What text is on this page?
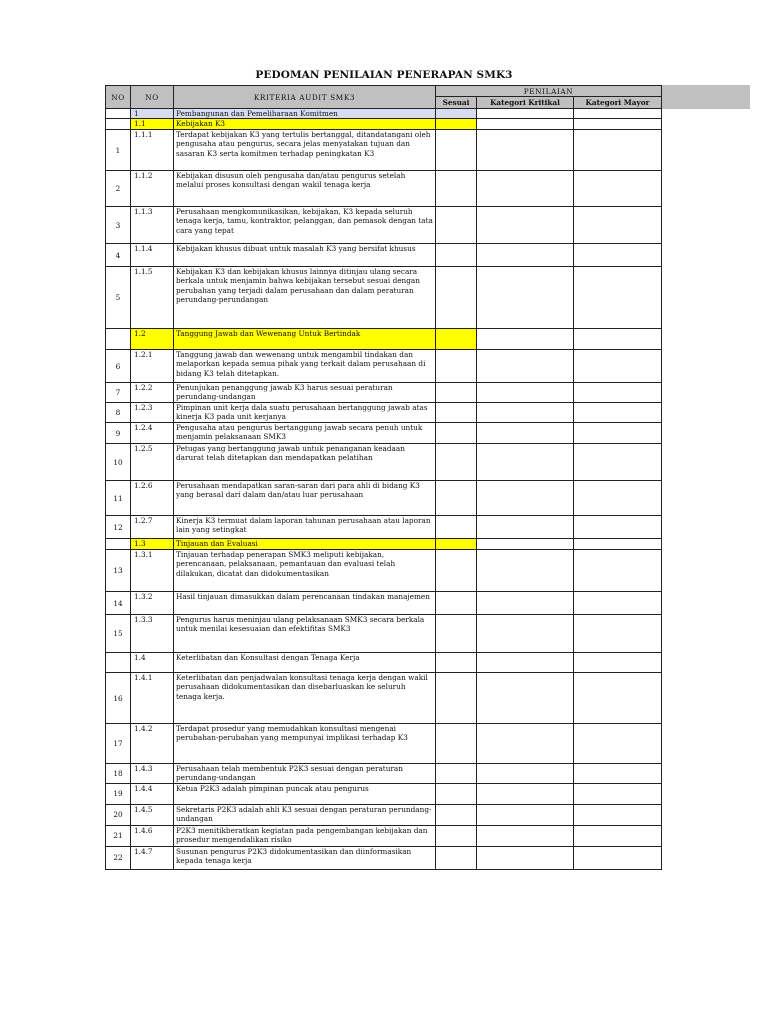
PEDOMAN PENILAIAN PENERAPAN SMK3
NO	NO	KRITERIA AUDIT SMK3	PENILAIAN		
			Sesuai	Kategori Kritikal	Kategori Mayor
	1	Pembangunan dan Pemeliharaan Komitmen			
	1.1	Kebijakan K3			
1	1.1.1	Terdapat kebijakan K3 yang tertulis bertanggal, ditandatangani oleh pengusaha atau pengurus, secara jelas menyatakan tujuan dan sasaran K3 serta komitmen terhadap peningkatan K3			
2	1.1.2	Kebijakan disusun oleh pengusaha dan/atau pengurus setelah melalui proses konsultasi dengan wakil tenaga kerja			
3	1.1.3	Perusahaan mengkomunikasikan, kebijakan, K3 kepada seluruh tenaga kerja, tamu, kontraktor, pelanggan, dan pemasok dengan tata cara yang tepat			
4	1.1.4	Kebijakan khusus dibuat untuk masalah K3 yang bersifat khusus			
5	1.1.5	Kebijakan K3 dan kebijakan khusus lainnya ditinjau ulang secara berkala untuk menjamin bahwa kebijakan tersebut sesuai dengan perubahan yang terjadi dalam perusahaan dan dalam peraturan perundang-perundangan			
	1.2	Tanggung Jawab dan Wewenang Untuk Bertindak			
6	1.2.1	Tanggung jawab dan wewenang untuk mengambil tindakan dan melaporkan kepada semua pihak yang terkait dalam perusahaan di bidang K3 telah ditetapkan.			
7	1.2.2	Penunjukan penanggung jawab K3 harus sesuai peraturan perundang-undangan			
8	1.2.3	Pimpinan unit kerja dala suatu perusahaan bertanggung jawab atas kinerja K3 pada unit kerjanya			
9	1.2.4	Pengusaha atau pengurus bertanggung jawab secara penuh untuk menjamin pelaksanaan SMK3			
10	1.2.5	Petugas yang bertanggung jawab untuk penanganan keadaan darurat telah ditetapkan dan mendapatkan pelatihan			
11	1.2.6	Perusahaan mendapatkan saran-saran dari para ahli di bidang K3 yang berasal dari dalam dan/atau luar perusahaan			
12	1.2.7	Kinerja K3 termuat dalam laporan tahunan perusahaan atau laporan lain yang setingkat			
	1.3	Tinjauan dan Evaluasi			
13	1.3.1	Tinjauan terhadap penerapan SMK3 meliputi kebijakan, perencanaan, pelaksanaan, pemantauan dan evaluasi telah dilakukan, dicatat dan didokumentasikan			
14	1.3.2	Hasil tinjauan dimasukkan dalam perencanaan tindakan manajemen			
15	1.3.3	Pengurus harus meninjau ulang pelaksanaan SMK3 secara berkala untuk menilai kesesuaian dan efektifitas SMK3			
	1.4	Keterlibatan dan Konsultasi dengan Tenaga Kerja			
16	1.4.1	Keterlibatan dan penjadwalan konsultasi tenaga kerja dengan wakil perusahaan didokumentasikan dan disebarluaskan ke seluruh tenaga kerja.			
17	1.4.2	Terdapat prosedur yang memudahkan konsultasi mengenai perubahan-perubahan yang mempunyai implikasi terhadap K3			
18	1.4.3	Perusahaan telah membentuk P2K3 sesuai dengan peraturan perundang-undangan			
19	1.4.4	Ketua P2K3 adalah pimpinan puncak atau pengurus			
20	1.4.5	Sekretaris P2K3 adalah ahli K3 sesuai dengan peraturan perundang-undangan			
21	1.4.6	P2K3 menitikberatkan kegiatan pada pengembangan kebijakan dan prosedur mengendalikan risiko			
22	1.4.7	Susunan pengurus P2K3 didokumentasikan dan diinformasikan kepada tenaga kerja			
